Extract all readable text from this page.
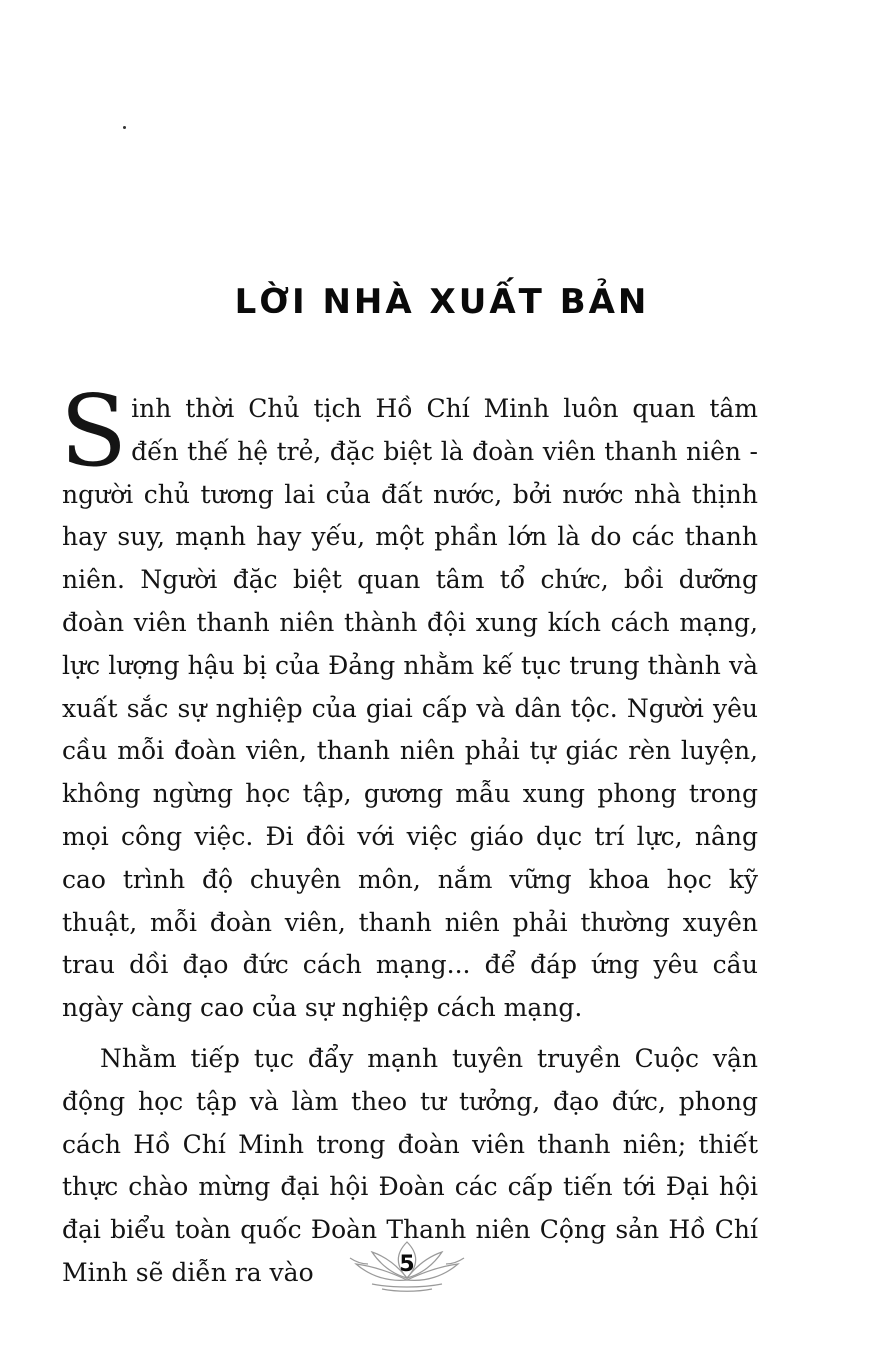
LỜI NHÀ XUẤT BẢN

Sinh thời Chủ tịch Hồ Chí Minh luôn quan tâm đến thế hệ trẻ, đặc biệt là đoàn viên thanh niên - người chủ tương lai của đất nước, bởi nước nhà thịnh hay suy, mạnh hay yếu, một phần lớn là do các thanh niên. Người đặc biệt quan tâm tổ chức, bồi dưỡng đoàn viên thanh niên thành đội xung kích cách mạng, lực lượng hậu bị của Đảng nhằm kế tục trung thành và xuất sắc sự nghiệp của giai cấp và dân tộc. Người yêu cầu mỗi đoàn viên, thanh niên phải tự giác rèn luyện, không ngừng học tập, gương mẫu xung phong trong mọi công việc. Đi đôi với việc giáo dục trí lực, nâng cao trình độ chuyên môn, nắm vững khoa học kỹ thuật, mỗi đoàn viên, thanh niên phải thường xuyên trau dồi đạo đức cách mạng... để đáp ứng yêu cầu ngày càng cao của sự nghiệp cách mạng.

Nhằm tiếp tục đẩy mạnh tuyên truyền Cuộc vận động học tập và làm theo tư tưởng, đạo đức, phong cách Hồ Chí Minh trong đoàn viên thanh niên; thiết thực chào mừng đại hội Đoàn các cấp tiến tới Đại hội đại biểu toàn quốc Đoàn Thanh niên Cộng sản Hồ Chí Minh sẽ diễn ra vào	5
